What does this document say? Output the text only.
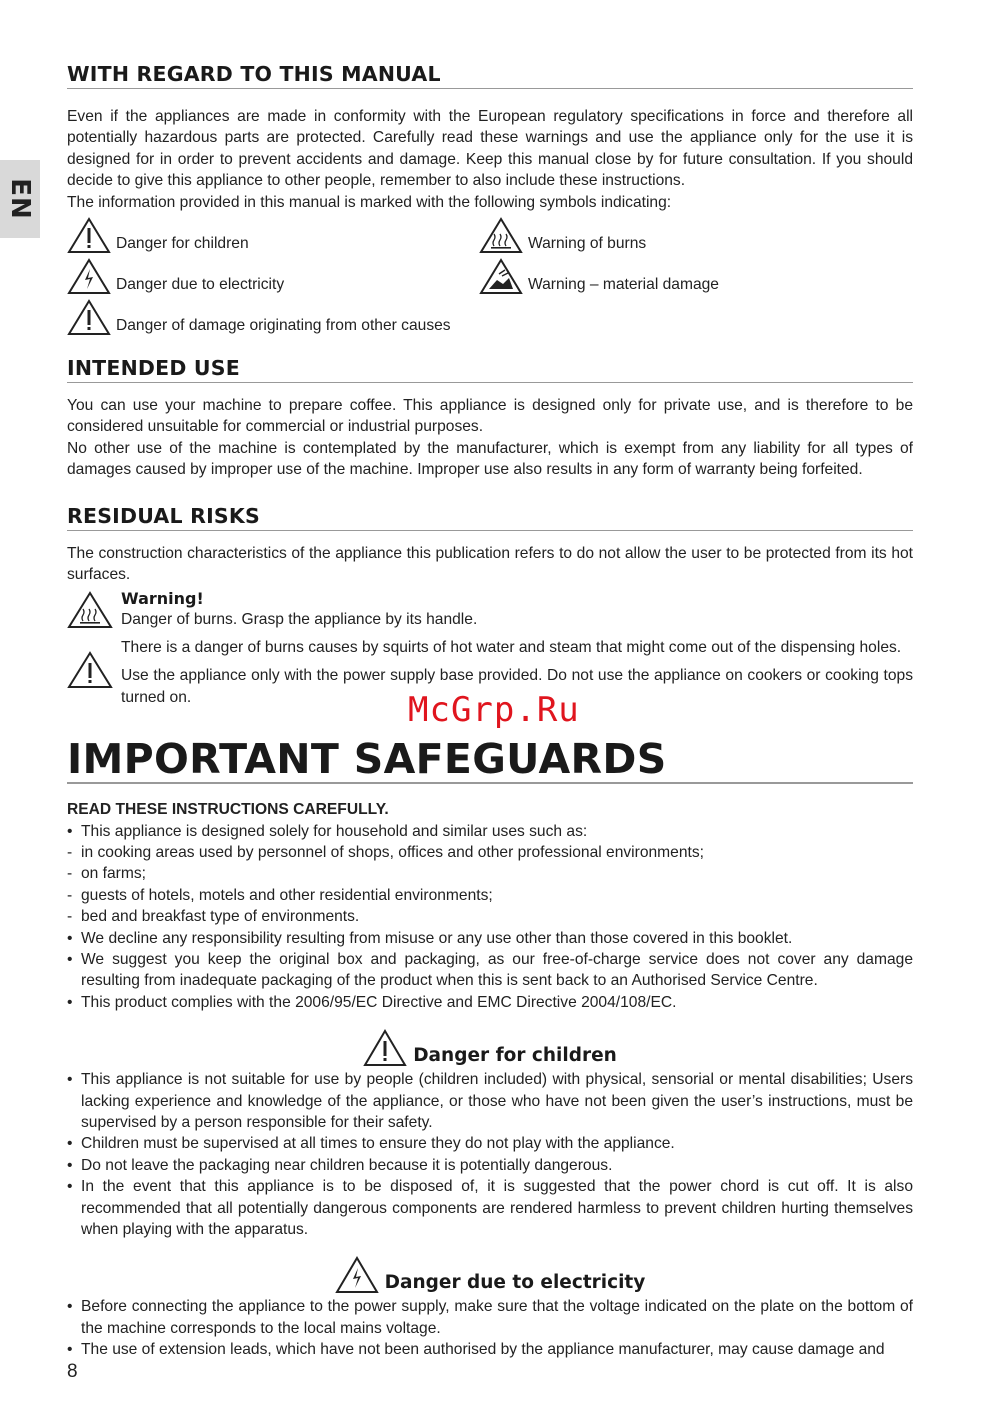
EN
WITH REGARD TO THIS MANUAL

Even if the appliances are made in conformity with the European regulatory specifications in force and therefore all potentially hazardous parts are protected. Carefully read these warnings and use the appliance only for the use it is designed for in order to prevent accidents and damage. Keep this manual close by for future consultation. If you should decide to give this appliance to other people, remember to also include these instructions.

The information provided in this manual is marked with the following symbols indicating:

Danger for children	Warning of burns
Danger due to electricity	Warning – material damage
Danger of damage originating from other causes
INTENDED USE

You can use your machine to prepare coffee. This appliance is designed only for private use, and is therefore to be considered unsuitable for commercial or industrial purposes.

No other use of the machine is contemplated by the manufacturer, which is exempt from any liability for all types of damages caused by improper use of the machine. Improper use also results in any form of warranty being forfeited.

RESIDUAL RISKS

The construction characteristics of the appliance this publication refers to do not allow the user to be protected from its hot surfaces.

Warning!
Danger of burns. Grasp the appliance by its handle.
There is a danger of burns causes by squirts of hot water and steam that might come out of the dispensing holes.
Use the appliance only with the power supply base provided. Do not use the appliance on cookers or cooking tops turned on.
IMPORTANT SAFEGUARDS
READ THESE INSTRUCTIONS CAREFULLY.
• This appliance is designed solely for household and similar uses such as:
- in cooking areas used by personnel of shops, offices and other professional environments;
- on farms;
- guests of hotels, motels and other residential environments;
- bed and breakfast type of environments.
• We decline any responsibility resulting from misuse or any use other than those covered in this booklet.
• We suggest you keep the original box and packaging, as our free-of-charge service does not cover any damage resulting from inadequate packaging of the product when this is sent back to an Authorised Service Centre.
• This product complies with the 2006/95/EC Directive and EMC Directive 2004/108/EC.
Danger for children
• This appliance is not suitable for use by people (children included) with physical, sensorial or mental disabilities; Users lacking experience and knowledge of the appliance, or those who have not been given the user’s instructions, must be supervised by a person responsible for their safety.
• Children must be supervised at all times to ensure they do not play with the appliance.
• Do not leave the packaging near children because it is potentially dangerous.
• In the event that this appliance is to be disposed of, it is suggested that the power chord is cut off. It is also recommended that all potentially dangerous components are rendered harmless to prevent children hurting themselves when playing with the apparatus.
Danger due to electricity
• Before connecting the appliance to the power supply, make sure that the voltage indicated on the plate on the bottom of the machine corresponds to the local mains voltage.
• The use of extension leads, which have not been authorised by the appliance manufacturer, may cause damage and
McGrp.Ru
8
